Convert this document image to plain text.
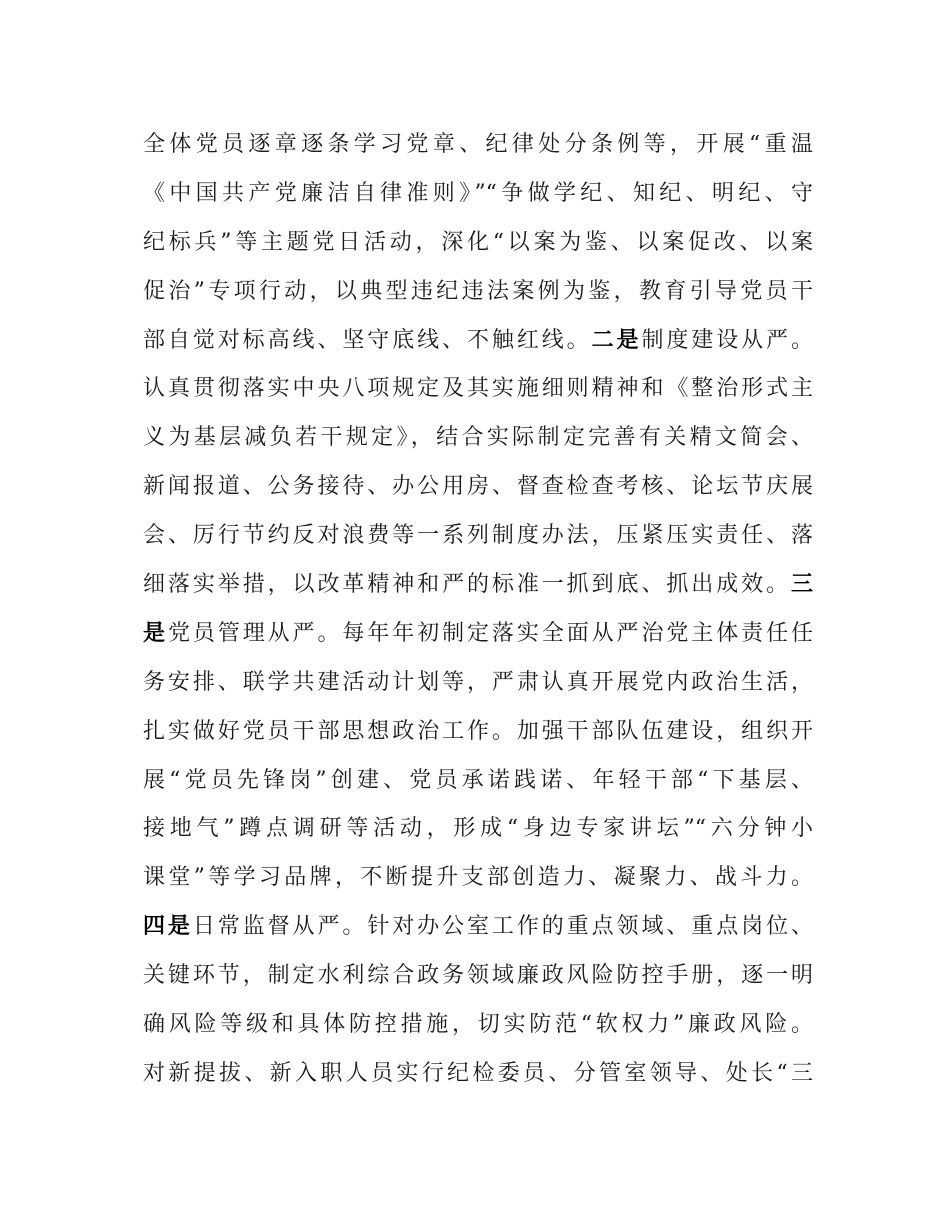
全体党员逐章逐条学习党章、纪律处分条例等，开展“重温
《中国共产党廉洁自律准则》”“争做学纪、知纪、明纪、守
纪标兵”等主题党日活动，深化“以案为鉴、以案促改、以案
促治”专项行动，以典型违纪违法案例为鉴，教育引导党员干
部自觉对标高线、坚守底线、不触红线。二是制度建设从严。
认真贯彻落实中央八项规定及其实施细则精神和《整治形式主
义为基层减负若干规定》，结合实际制定完善有关精文简会、
新闻报道、公务接待、办公用房、督查检查考核、论坛节庆展
会、厉行节约反对浪费等一系列制度办法，压紧压实责任、落
细落实举措，以改革精神和严的标准一抓到底、抓出成效。三
是党员管理从严。每年年初制定落实全面从严治党主体责任任
务安排、联学共建活动计划等，严肃认真开展党内政治生活，
扎实做好党员干部思想政治工作。加强干部队伍建设，组织开
展“党员先锋岗”创建、党员承诺践诺、年轻干部“下基层、
接地气”蹲点调研等活动，形成“身边专家讲坛”“六分钟小
课堂”等学习品牌，不断提升支部创造力、凝聚力、战斗力。
四是日常监督从严。针对办公室工作的重点领域、重点岗位、
关键环节，制定水利综合政务领域廉政风险防控手册，逐一明
确风险等级和具体防控措施，切实防范“软权力”廉政风险。
对新提拔、新入职人员实行纪检委员、分管室领导、处长“三
